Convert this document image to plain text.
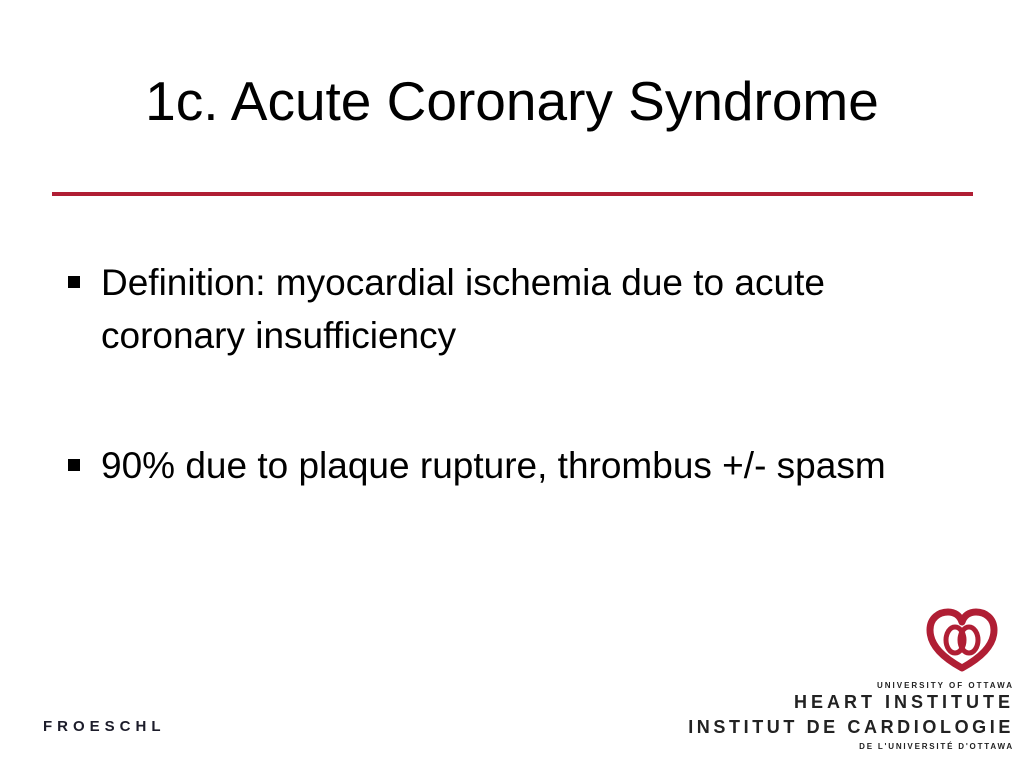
1c. Acute Coronary Syndrome
Definition: myocardial ischemia due to acute coronary insufficiency
90% due to plaque rupture, thrombus +/- spasm
FROESCHL
UNIVERSITY OF OTTAWA
HEART INSTITUTE
INSTITUT DE CARDIOLOGIE
DE L'UNIVERSITÉ D'OTTAWA
